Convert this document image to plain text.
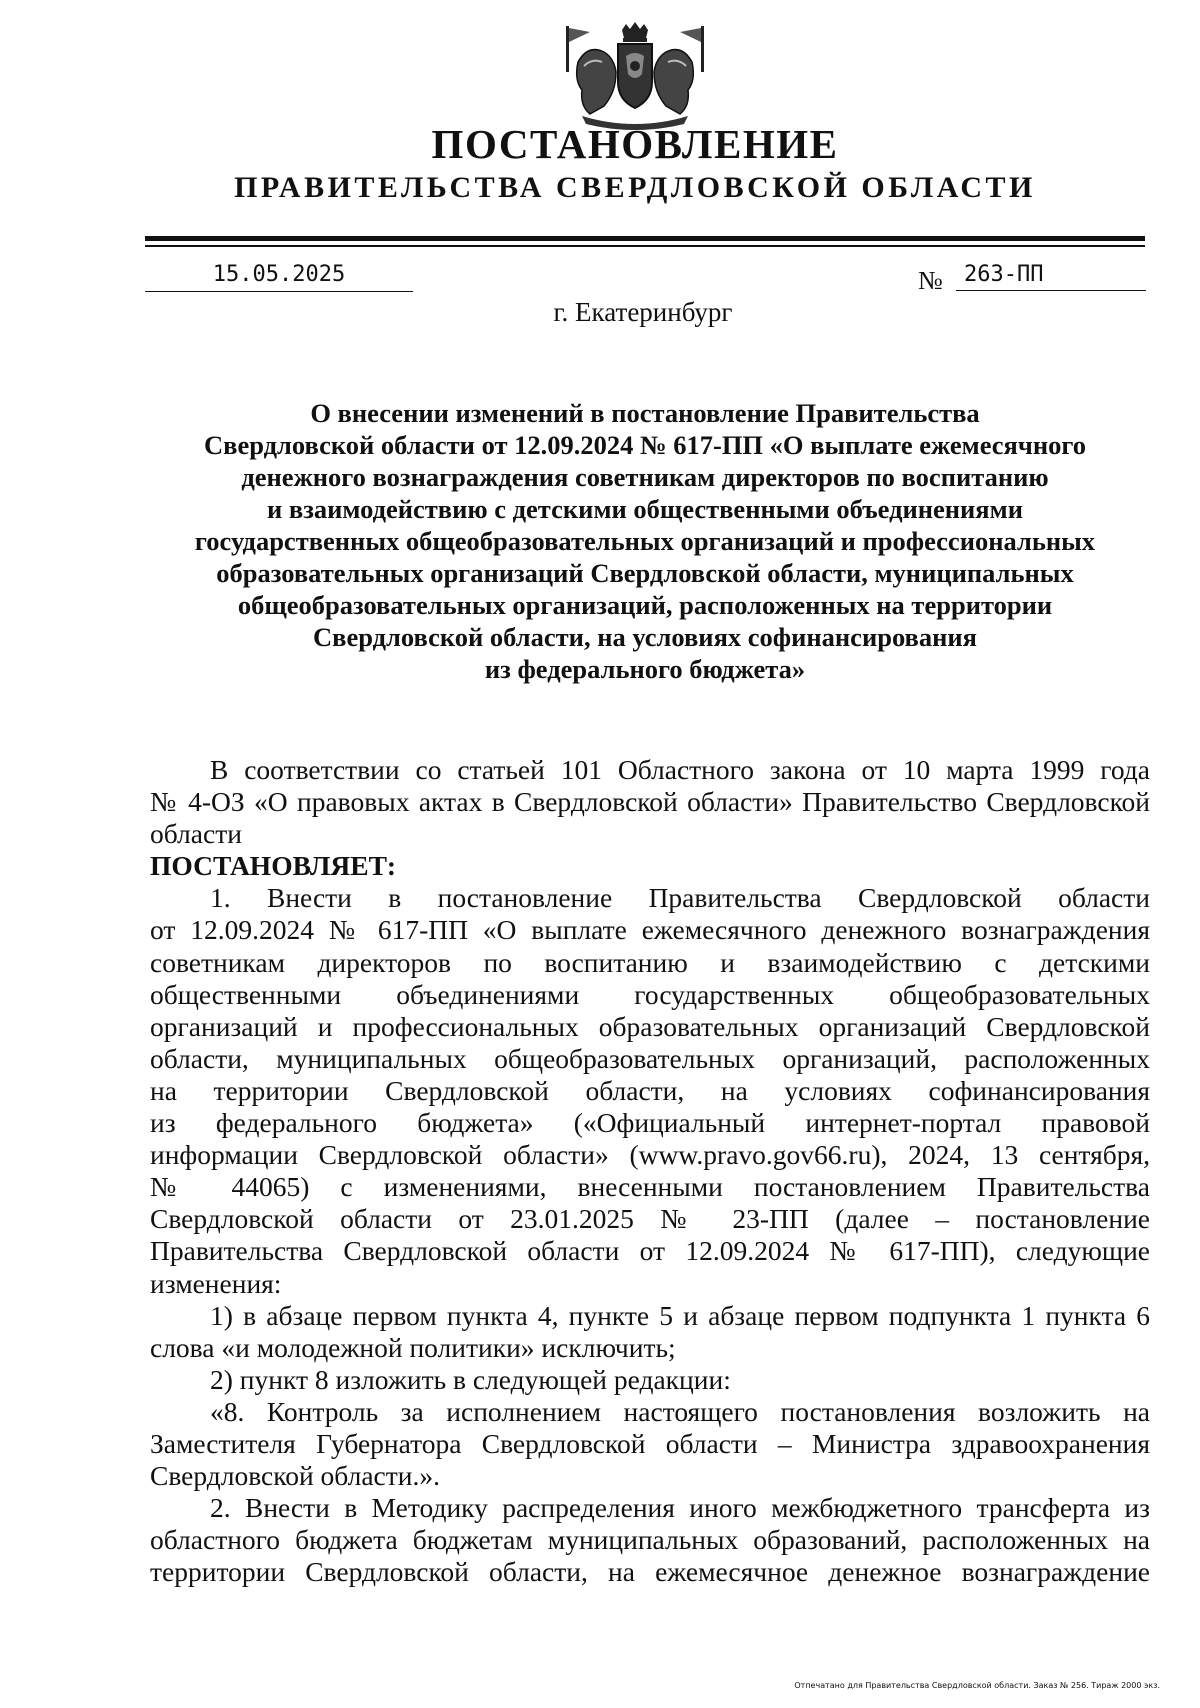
ПОСТАНОВЛЕНИЕ
ПРАВИТЕЛЬСТВА СВЕРДЛОВСКОЙ ОБЛАСТИ
15.05.2025	№ 263-ПП
г. Екатеринбург
О внесении изменений в постановление Правительства
Свердловской области от 12.09.2024 № 617-ПП «О выплате ежемесячного
денежного вознаграждения советникам директоров по воспитанию
и взаимодействию с детскими общественными объединениями
государственных общеобразовательных организаций и профессиональных
образовательных организаций Свердловской области, муниципальных
общеобразовательных организаций, расположенных на территории
Свердловской области, на условиях софинансирования
из федерального бюджета»
В соответствии со статьей 101 Областного закона от 10 марта 1999 года
№ 4-ОЗ «О правовых актах в Свердловской области» Правительство Свердловской
области
ПОСТАНОВЛЯЕТ:
1. Внести в постановление Правительства Свердловской области
от 12.09.2024 № 617-ПП «О выплате ежемесячного денежного вознаграждения
советникам директоров по воспитанию и взаимодействию с детскими
общественными объединениями государственных общеобразовательных
организаций и профессиональных образовательных организаций Свердловской
области, муниципальных общеобразовательных организаций, расположенных
на территории Свердловской области, на условиях софинансирования
из федерального бюджета» («Официальный интернет-портал правовой
информации Свердловской области» (www.pravo.gov66.ru), 2024, 13 сентября,
№ 44065) с изменениями, внесенными постановлением Правительства
Свердловской области от 23.01.2025 № 23-ПП (далее – постановление
Правительства Свердловской области от 12.09.2024 № 617-ПП), следующие
изменения:
1) в абзаце первом пункта 4, пункте 5 и абзаце первом подпункта 1 пункта 6
слова «и молодежной политики» исключить;
2) пункт 8 изложить в следующей редакции:
«8. Контроль за исполнением настоящего постановления возложить на
Заместителя Губернатора Свердловской области – Министра здравоохранения
Свердловской области.».
2. Внести в Методику распределения иного межбюджетного трансферта из
областного бюджета бюджетам муниципальных образований, расположенных на
территории Свердловской области, на ежемесячное денежное вознаграждение
Отпечатано для Правительства Свердловской области. Заказ № 256. Тираж 2000 экз.
